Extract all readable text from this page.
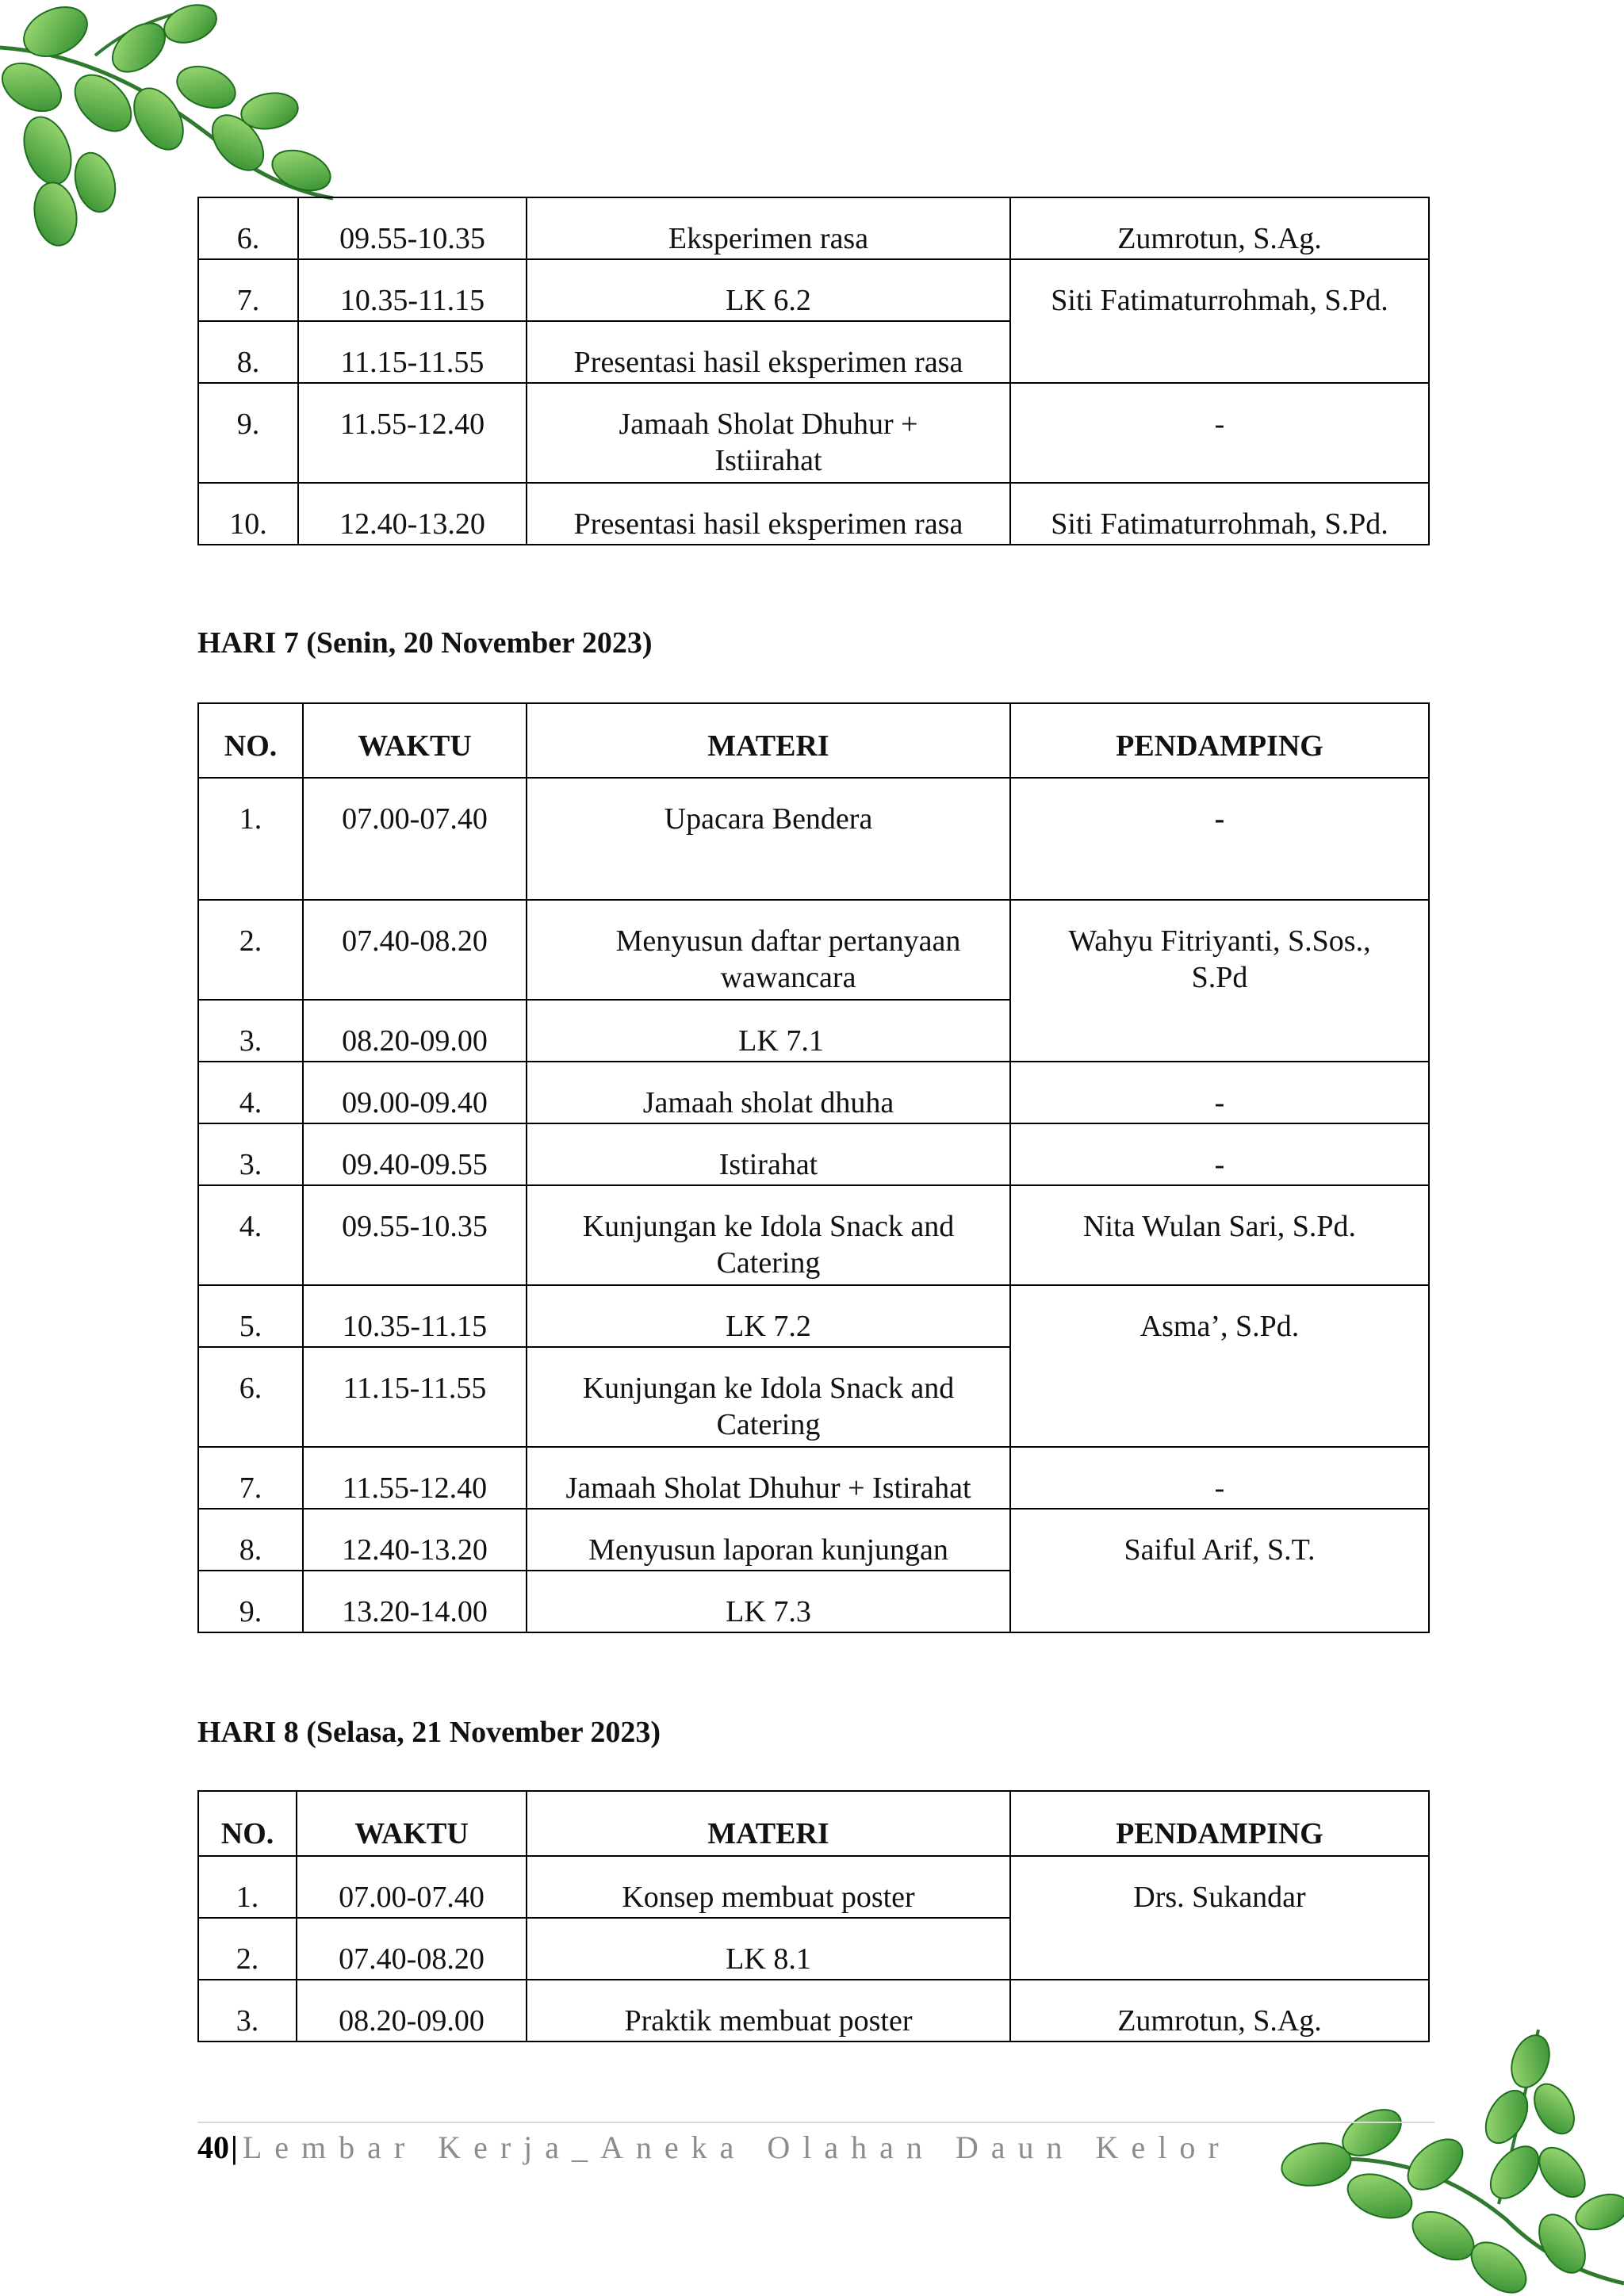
6.	09.55-10.35	Eksperimen rasa	Zumrotun, S.Ag.
7.	10.35-11.15	LK 6.2	Siti Fatimaturrohmah, S.Pd.
8.	11.15-11.55	Presentasi hasil eksperimen rasa	
9.	11.55-12.40	Jamaah Sholat Dhuhur + Istiirahat	-
10.	12.40-13.20	Presentasi hasil eksperimen rasa	Siti Fatimaturrohmah, S.Pd.

HARI 7 (Senin, 20 November 2023)

NO.	WAKTU	MATERI	PENDAMPING
1.	07.00-07.40	Upacara Bendera	-
2.	07.40-08.20	Menyusun daftar pertanyaan wawancara	Wahyu Fitriyanti, S.Sos., S.Pd
3.	08.20-09.00	LK 7.1	
4.	09.00-09.40	Jamaah sholat dhuha	-
3.	09.40-09.55	Istirahat	-
4.	09.55-10.35	Kunjungan ke Idola Snack and Catering	Nita Wulan Sari, S.Pd.
5.	10.35-11.15	LK 7.2	Asma’, S.Pd.
6.	11.15-11.55	Kunjungan ke Idola Snack and Catering	
7.	11.55-12.40	Jamaah Sholat Dhuhur + Istirahat	-
8.	12.40-13.20	Menyusun laporan kunjungan	Saiful Arif, S.T.
9.	13.20-14.00	LK 7.3	

HARI 8 (Selasa, 21 November 2023)

NO.	WAKTU	MATERI	PENDAMPING
1.	07.00-07.40	Konsep membuat poster	Drs. Sukandar
2.	07.40-08.20	LK 8.1	
3.	08.20-09.00	Praktik membuat poster	Zumrotun, S.Ag.
40| Lembar Kerja_Aneka Olahan Daun Kelor
